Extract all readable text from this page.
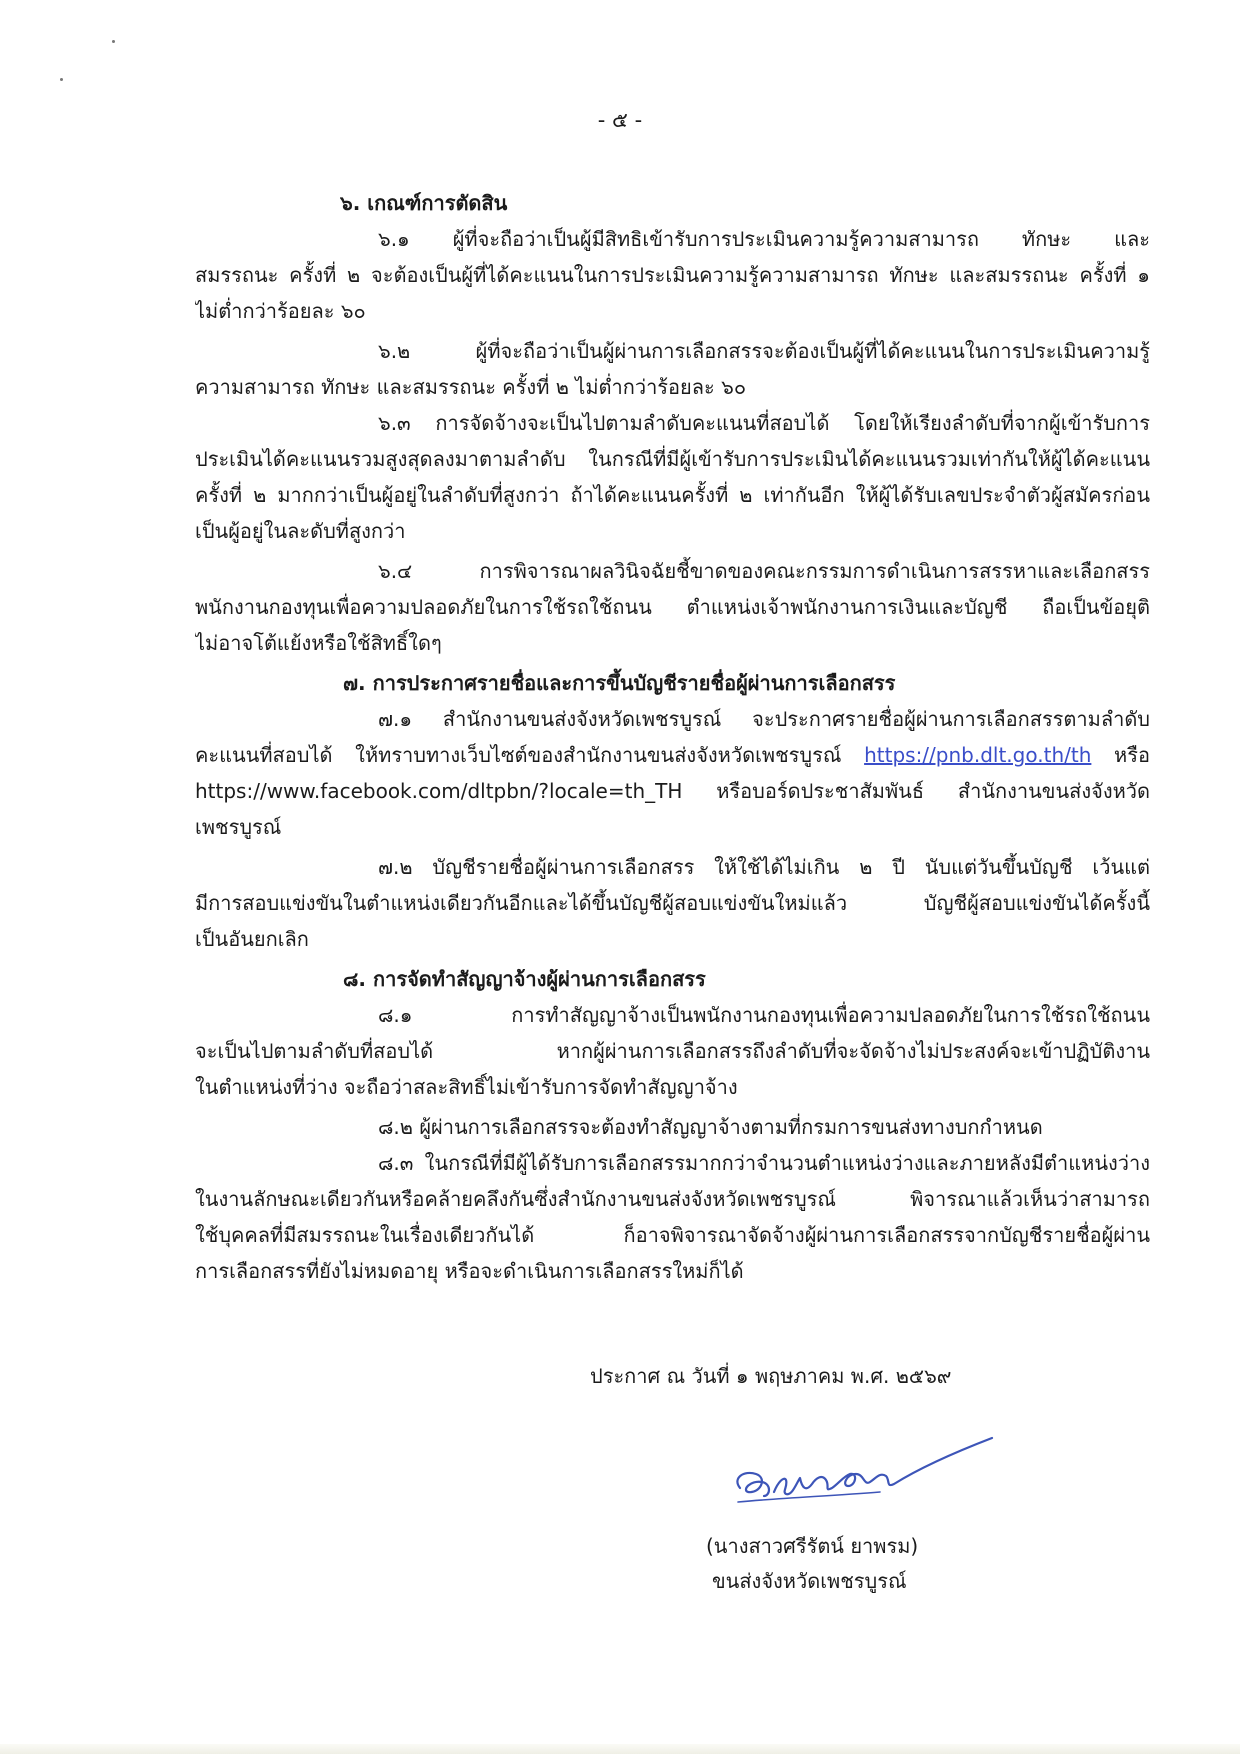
- ๕ -
๖. เกณฑ์การตัดสิน
๖.๑ ผู้ที่จะถือว่าเป็นผู้มีสิทธิเข้ารับการประเมินความรู้ความสามารถ ทักษะ และ
สมรรถนะ ครั้งที่ ๒ จะต้องเป็นผู้ที่ได้คะแนนในการประเมินความรู้ความสามารถ ทักษะ และสมรรถนะ ครั้งที่ ๑
ไม่ต่ำกว่าร้อยละ ๖๐
๖.๒ ผู้ที่จะถือว่าเป็นผู้ผ่านการเลือกสรรจะต้องเป็นผู้ที่ได้คะแนนในการประเมินความรู้
ความสามารถ ทักษะ และสมรรถนะ ครั้งที่ ๒ ไม่ต่ำกว่าร้อยละ ๖๐
๖.๓ การจัดจ้างจะเป็นไปตามลำดับคะแนนที่สอบได้ โดยให้เรียงลำดับที่จากผู้เข้ารับการ
ประเมินได้คะแนนรวมสูงสุดลงมาตามลำดับ ในกรณีที่มีผู้เข้ารับการประเมินได้คะแนนรวมเท่ากันให้ผู้ได้คะแนน
ครั้งที่ ๒ มากกว่าเป็นผู้อยู่ในลำดับที่สูงกว่า ถ้าได้คะแนนครั้งที่ ๒ เท่ากันอีก ให้ผู้ได้รับเลขประจำตัวผู้สมัครก่อน
เป็นผู้อยู่ในละดับที่สูงกว่า
๖.๔ การพิจารณาผลวินิจฉัยชี้ขาดของคณะกรรมการดำเนินการสรรหาและเลือกสรร
พนักงานกองทุนเพื่อความปลอดภัยในการใช้รถใช้ถนน ตำแหน่งเจ้าพนักงานการเงินและบัญชี ถือเป็นข้อยุติ
ไม่อาจโต้แย้งหรือใช้สิทธิ์ใดๆ
๗. การประกาศรายชื่อและการขึ้นบัญชีรายชื่อผู้ผ่านการเลือกสรร
๗.๑ สำนักงานขนส่งจังหวัดเพชรบูรณ์ จะประกาศรายชื่อผู้ผ่านการเลือกสรรตามลำดับ
คะแนนที่สอบได้ ให้ทราบทางเว็บไซต์ของสำนักงานขนส่งจังหวัดเพชรบูรณ์ https://pnb.dlt.go.th/th หรือ
https://www.facebook.com/dltpbn/?locale=th_TH หรือบอร์ดประชาสัมพันธ์ สำนักงานขนส่งจังหวัด
เพชรบูรณ์
๗.๒ บัญชีรายชื่อผู้ผ่านการเลือกสรร ให้ใช้ได้ไม่เกิน ๒ ปี นับแต่วันขึ้นบัญชี เว้นแต่
มีการสอบแข่งขันในตำแหน่งเดียวกันอีกและได้ขึ้นบัญชีผู้สอบแข่งขันใหม่แล้ว บัญชีผู้สอบแข่งขันได้ครั้งนี้
เป็นอันยกเลิก
๘. การจัดทำสัญญาจ้างผู้ผ่านการเลือกสรร
๘.๑ การทำสัญญาจ้างเป็นพนักงานกองทุนเพื่อความปลอดภัยในการใช้รถใช้ถนน
จะเป็นไปตามลำดับที่สอบได้ หากผู้ผ่านการเลือกสรรถึงลำดับที่จะจัดจ้างไม่ประสงค์จะเข้าปฏิบัติงาน
ในตำแหน่งที่ว่าง จะถือว่าสละสิทธิ์ไม่เข้ารับการจัดทำสัญญาจ้าง
๘.๒ ผู้ผ่านการเลือกสรรจะต้องทำสัญญาจ้างตามที่กรมการขนส่งทางบกกำหนด
๘.๓ ในกรณีที่มีผู้ได้รับการเลือกสรรมากกว่าจำนวนตำแหน่งว่างและภายหลังมีตำแหน่งว่าง
ในงานลักษณะเดียวกันหรือคล้ายคลึงกันซึ่งสำนักงานขนส่งจังหวัดเพชรบูรณ์ พิจารณาแล้วเห็นว่าสามารถ
ใช้บุคคลที่มีสมรรถนะในเรื่องเดียวกันได้ ก็อาจพิจารณาจัดจ้างผู้ผ่านการเลือกสรรจากบัญชีรายชื่อผู้ผ่าน
การเลือกสรรที่ยังไม่หมดอายุ หรือจะดำเนินการเลือกสรรใหม่ก็ได้
ประกาศ ณ วันที่ ๑ พฤษภาคม พ.ศ. ๒๕๖๙
(นางสาวศรีรัตน์ ยาพรม)
ขนส่งจังหวัดเพชรบูรณ์
